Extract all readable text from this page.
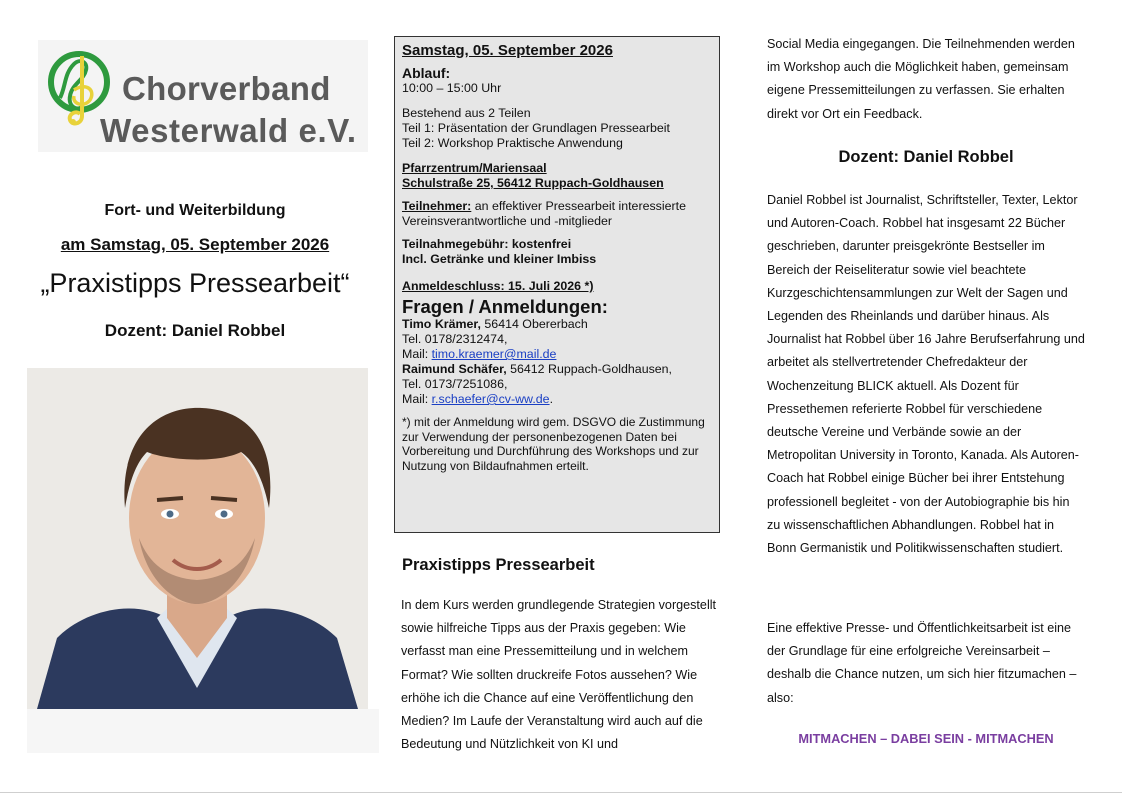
Chorverband
Westerwald e.V.
Fort- und Weiterbildung
am Samstag, 05. September 2026
„Praxistipps Pressearbeit“
Dozent: Daniel Robbel

Samstag, 05. September 2026

Ablauf:

10:00 – 15:00 Uhr

Bestehend aus 2 Teilen

Teil 1: Präsentation der Grundlagen Pressearbeit

Teil 2: Workshop Praktische Anwendung

Pfarrzentrum/Mariensaal

Schulstraße 25, 56412 Ruppach-Goldhausen

Teilnehmer: an effektiver Pressearbeit interessierte Vereinsverantwortliche und -mitglieder

Teilnahmegebühr: kostenfrei

Incl. Getränke und kleiner Imbiss

Anmeldeschluss: 15. Juli 2026 *)

Fragen / Anmeldungen:

Timo Krämer, 56414 Obererbach

Tel. 0178/2312474,

Mail: timo.kraemer@mail.de

Raimund Schäfer, 56412 Ruppach-Goldhausen,

Tel. 0173/7251086,

Mail: r.schaefer@cv-ww.de.

*) mit der Anmeldung wird gem. DSGVO die Zustimmung zur Verwendung der personenbezogenen Daten bei Vorbereitung und Durchführung des Workshops und zur Nutzung von Bildaufnahmen erteilt.

Praxistipps Pressearbeit
In dem Kurs werden grundlegende Strategien vorgestellt sowie hilfreiche Tipps aus der Praxis gegeben: Wie verfasst man eine Pressemitteilung und in welchem Format? Wie sollten druckreife Fotos aussehen? Wie erhöhe ich die Chance auf eine Veröffentlichung den Medien? Im Laufe der Veranstaltung wird auch auf die Bedeutung und Nützlichkeit von KI und
Social Media eingegangen. Die Teilnehmenden werden im Workshop auch die Möglichkeit haben, gemeinsam eigene Pressemitteilungen zu verfassen. Sie erhalten direkt vor Ort ein Feedback.
Dozent: Daniel Robbel
Daniel Robbel ist Journalist, Schriftsteller, Texter, Lektor und Autoren-Coach. Robbel hat insgesamt 22 Bücher geschrieben, darunter preisgekrönte Bestseller im Bereich der Reiseliteratur sowie viel beachtete Kurzgeschichtensammlungen zur Welt der Sagen und Legenden des Rheinlands und darüber hinaus. Als Journalist hat Robbel über 16 Jahre Berufserfahrung und arbeitet als stellvertretender Chefredakteur der Wochenzeitung BLICK aktuell. Als Dozent für Pressethemen referierte Robbel für verschiedene deutsche Vereine und Verbände sowie an der Metropolitan University in Toronto, Kanada. Als Autoren-Coach hat Robbel einige Bücher bei ihrer Entstehung professionell begleitet - von der Autobiographie bis hin zu wissenschaftlichen Abhandlungen. Robbel hat in Bonn Germanistik und Politikwissenschaften studiert.
Eine effektive Presse- und Öffentlichkeitsarbeit ist eine der Grundlage für eine erfolgreiche Vereinsarbeit – deshalb die Chance nutzen, um sich hier fitzumachen – also:
MITMACHEN – DABEI SEIN - MITMACHEN
